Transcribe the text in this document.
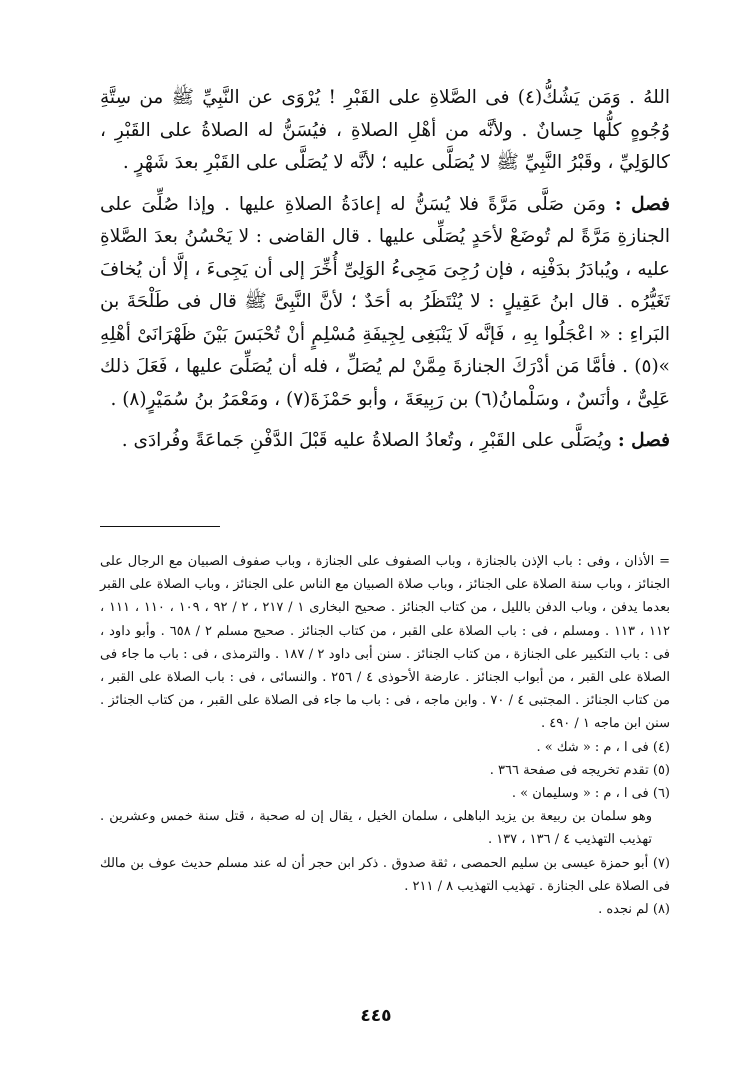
اللهُ . وَمَن يَشُكُّ(٤) فى الصَّلاةِ على القَبْرِ ! يُرْوَى عن النَّبِيِّ ﷺ من سِتَّةِ وُجُوهٍ كلُّها حِسانٌ . ولأنَّه من أهْلِ الصلاةِ ، فيُسَنُّ له الصلاةُ على القَبْرِ ، كالوَلِيِّ ، وقَبْرُ النَّبِيِّ ﷺ لا يُصَلَّى عليه ؛ لأنَّه لا يُصَلَّى على القَبْرِ بعدَ شَهْرٍ .

فصل : ومَن صَلَّى مَرَّةً فلا يُسَنُّ له إعادَةُ الصلاةِ عليها . وإذا صُلِّىَ على الجنازةِ مَرَّةً لم تُوضَعْ لأحَدٍ يُصَلِّى عليها . قال القاضى : لا يَحْسُنُ بعدَ الصَّلاةِ عليه ، ويُبادَرُ بدَفْنِه ، فإن رُجِىَ مَجِىءُ الوَلِىِّ أُخِّرَ إلى أن يَجِىءَ ، إلَّا أن يُخافَ تَغَيُّرُه . قال ابنُ عَقِيلٍ : لا يُنْتَظَرُ به أحَدٌ ؛ لأنَّ النَّبِىَّ ﷺ قال فى طَلْحَةَ بن البَراءِ : « اعْجَلُوا بِهِ ، فَإنَّه لَا يَنْبَغِى لِجِيفَةِ مُسْلِمٍ أنْ تُحْبَسَ بَيْنَ ظَهْرَانَىْ أهْلِهِ »(٥) . فأمَّا مَن أدْرَكَ الجنازةَ مِمَّنْ لم يُصَلِّ ، فله أن يُصَلِّىَ عليها ، فَعَلَ ذلك عَلِىٌّ ، وأنَسٌ ، وسَلْمانُ(٦) بن رَبِيعَةَ ، وأبو حَمْزَةَ(٧) ، ومَعْمَرُ بنُ سُمَيْرٍ(٨) .

فصل : ويُصَلَّى على القَبْرِ ، وتُعادُ الصلاةُ عليه قَبْلَ الدَّفْنِ جَماعَةً وفُرادَى .

= الأذان ، وفى : باب الإذن بالجنازة ، وباب الصفوف على الجنازة ، وباب صفوف الصبيان مع الرجال على الجنائز ، وباب سنة الصلاة على الجنائز ، وباب صلاة الصبيان مع الناس على الجنائز ، وباب الصلاة على القبر بعدما يدفن ، وباب الدفن بالليل ، من كتاب الجنائز . صحيح البخارى ١ / ٢١٧ ، ٢ / ٩٢ ، ١٠٩ ، ١١٠ ، ١١١ ، ١١٢ ، ١١٣ . ومسلم ، فى : باب الصلاة على القبر ، من كتاب الجنائز . صحيح مسلم ٢ / ٦٥٨ . وأبو داود ، فى : باب التكبير على الجنازة ، من كتاب الجنائز . سنن أبى داود ٢ / ١٨٧ . والترمذى ، فى : باب ما جاء فى الصلاة على القبر ، من أبواب الجنائز . عارضة الأحوذى ٤ / ٢٥٦ . والنسائى ، فى : باب الصلاة على القبر ، من كتاب الجنائز . المجتبى ٤ / ٧٠ . وابن ماجه ، فى : باب ما جاء فى الصلاة على القبر ، من كتاب الجنائز . سنن ابن ماجه ١ / ٤٩٠ .

(٤) فى ا ، م : « شك » .

(٥) تقدم تخريجه فى صفحة ٣٦٦ .

(٦) فى ا ، م : « وسليمان » .

وهو سلمان بن ربيعة بن يزيد الباهلى ، سلمان الخيل ، يقال إن له صحبة ، قتل سنة خمس وعشرين . تهذيب التهذيب ٤ / ١٣٦ ، ١٣٧ .

(٧) أبو حمزة عيسى بن سليم الحمصى ، ثقة صدوق . ذكر ابن حجر أن له عند مسلم حديث عوف بن مالك فى الصلاة على الجنازة . تهذيب التهذيب ٨ / ٢١١ .

(٨) لم نجده .

٤٤٥
